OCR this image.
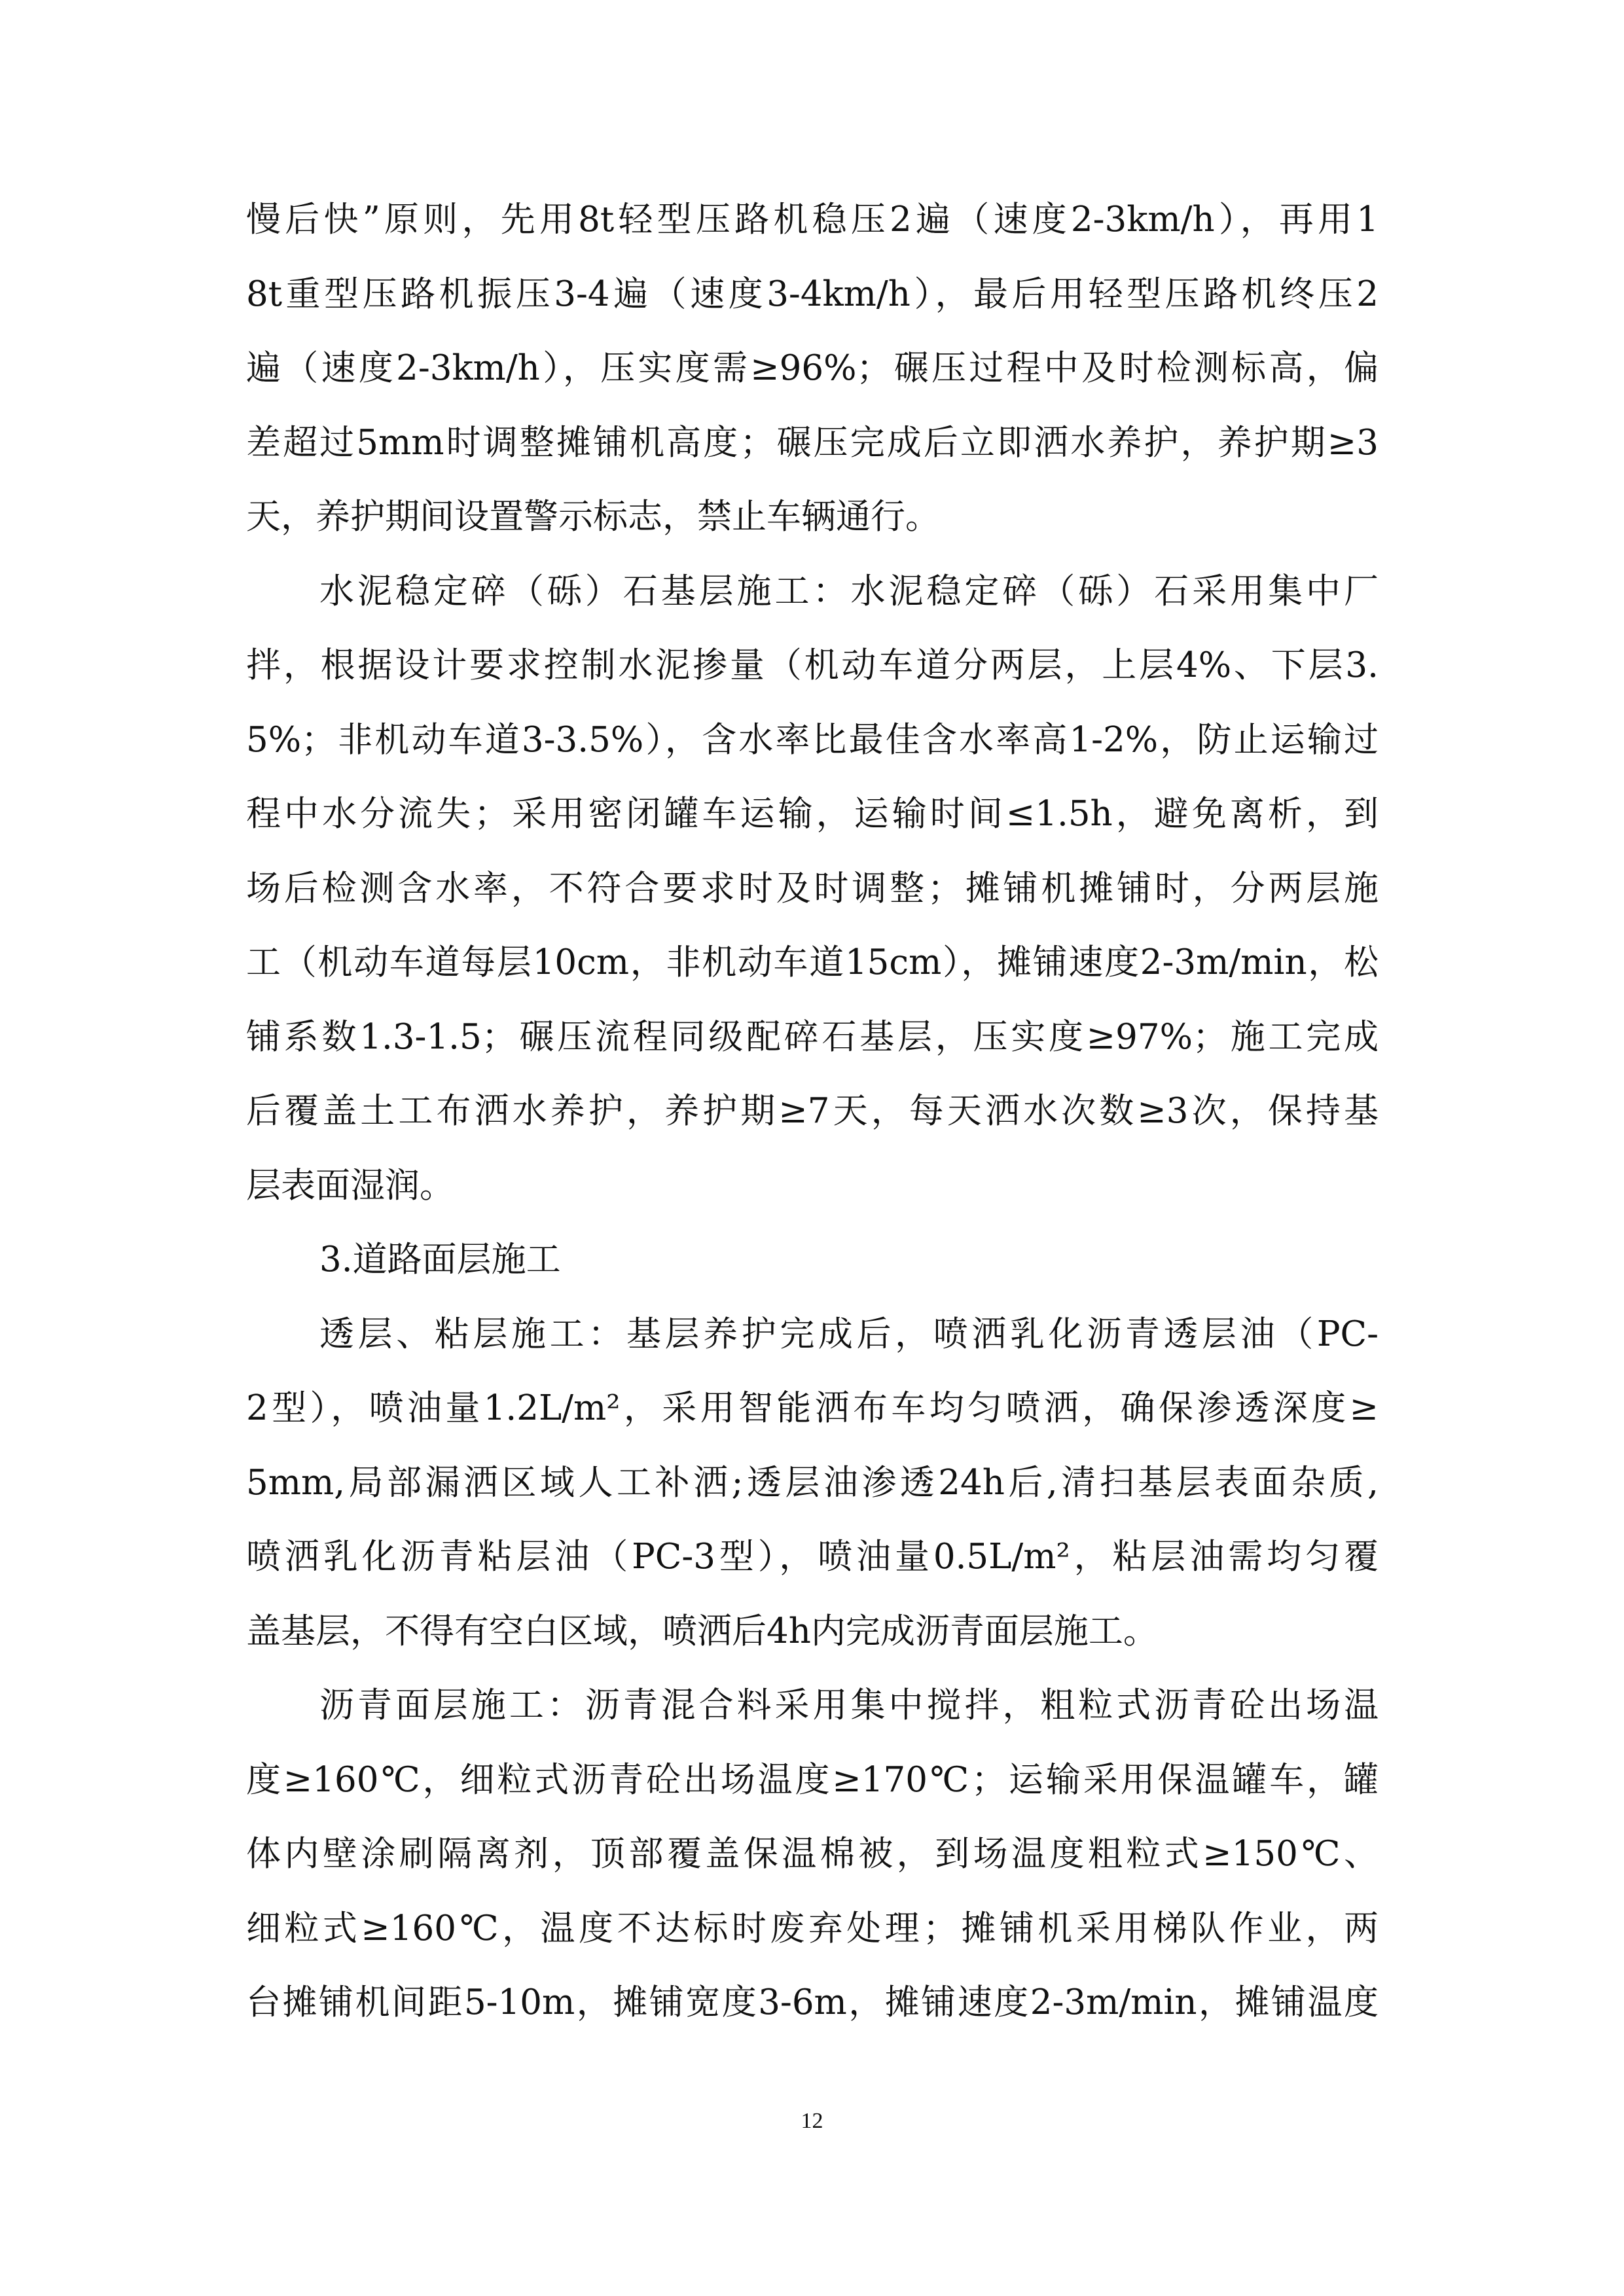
慢后快”原则，先用8t轻型压路机稳压2遍（速度2-3km/h），再用1
8t重型压路机振压3-4遍（速度3-4km/h），最后用轻型压路机终压2
遍（速度2-3km/h），压实度需≥96%；碾压过程中及时检测标高，偏
差超过5mm时调整摊铺机高度；碾压完成后立即洒水养护，养护期≥3
天，养护期间设置警示标志，禁止车辆通行。
水泥稳定碎（砾）石基层施工：水泥稳定碎（砾）石采用集中厂
拌，根据设计要求控制水泥掺量（机动车道分两层，上层4%、下层3.
5%；非机动车道3-3.5%），含水率比最佳含水率高1-2%，防止运输过
程中水分流失；采用密闭罐车运输，运输时间≤1.5h，避免离析，到
场后检测含水率，不符合要求时及时调整；摊铺机摊铺时，分两层施
工（机动车道每层10cm，非机动车道15cm），摊铺速度2-3m/min，松
铺系数1.3-1.5；碾压流程同级配碎石基层，压实度≥97%；施工完成
后覆盖土工布洒水养护，养护期≥7天，每天洒水次数≥3次，保持基
层表面湿润。
3.道路面层施工
透层、粘层施工：基层养护完成后，喷洒乳化沥青透层油（PC-
2型），喷油量1.2L/m²，采用智能洒布车均匀喷洒，确保渗透深度≥
5mm,局部漏洒区域人工补洒;透层油渗透24h后,清扫基层表面杂质,
喷洒乳化沥青粘层油（PC-3型），喷油量0.5L/m²，粘层油需均匀覆
盖基层，不得有空白区域，喷洒后4h内完成沥青面层施工。
沥青面层施工：沥青混合料采用集中搅拌，粗粒式沥青砼出场温
度≥160℃，细粒式沥青砼出场温度≥170℃；运输采用保温罐车，罐
体内壁涂刷隔离剂，顶部覆盖保温棉被，到场温度粗粒式≥150℃、
细粒式≥160℃，温度不达标时废弃处理；摊铺机采用梯队作业，两
台摊铺机间距5-10m，摊铺宽度3-6m，摊铺速度2-3m/min，摊铺温度
12
